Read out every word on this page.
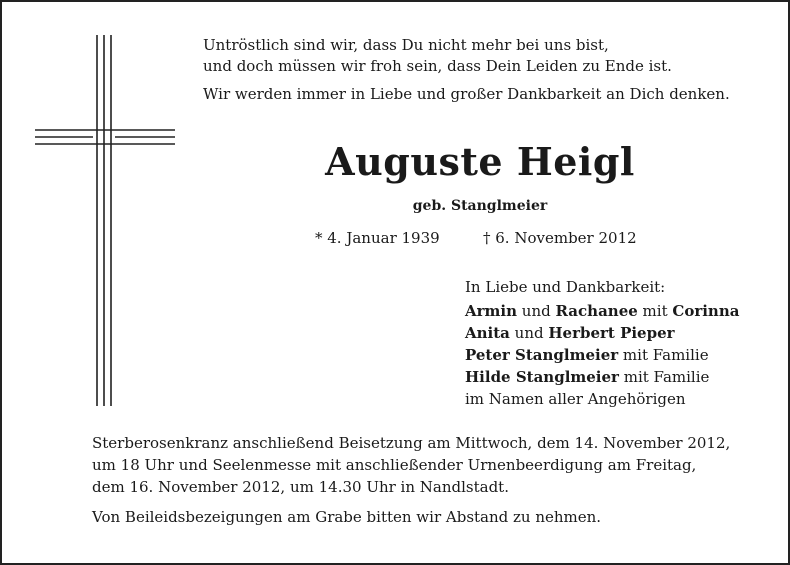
Untröstlich sind wir, dass Du nicht mehr bei uns bist,

und doch müssen wir froh sein, dass Dein Leiden zu Ende ist.

Wir werden immer in Liebe und großer Dankbarkeit an Dich denken.

Auguste Heigl
geb. Stanglmeier
* 4. Januar 1939	† 6. November 2012
In Liebe und Dankbarkeit:
Armin und Rachanee mit Corinna
Anita und Herbert Pieper
Peter Stanglmeier mit Familie
Hilde Stanglmeier mit Familie
im Namen aller Angehörigen

Sterberosenkranz anschließend Beisetzung am Mittwoch, dem 14. November 2012,

um 18 Uhr und Seelenmesse mit anschließender Urnenbeerdigung am Freitag,

dem 16. November 2012, um 14.30 Uhr in Nandlstadt.

Von Beileidsbezeigungen am Grabe bitten wir Abstand zu nehmen.
